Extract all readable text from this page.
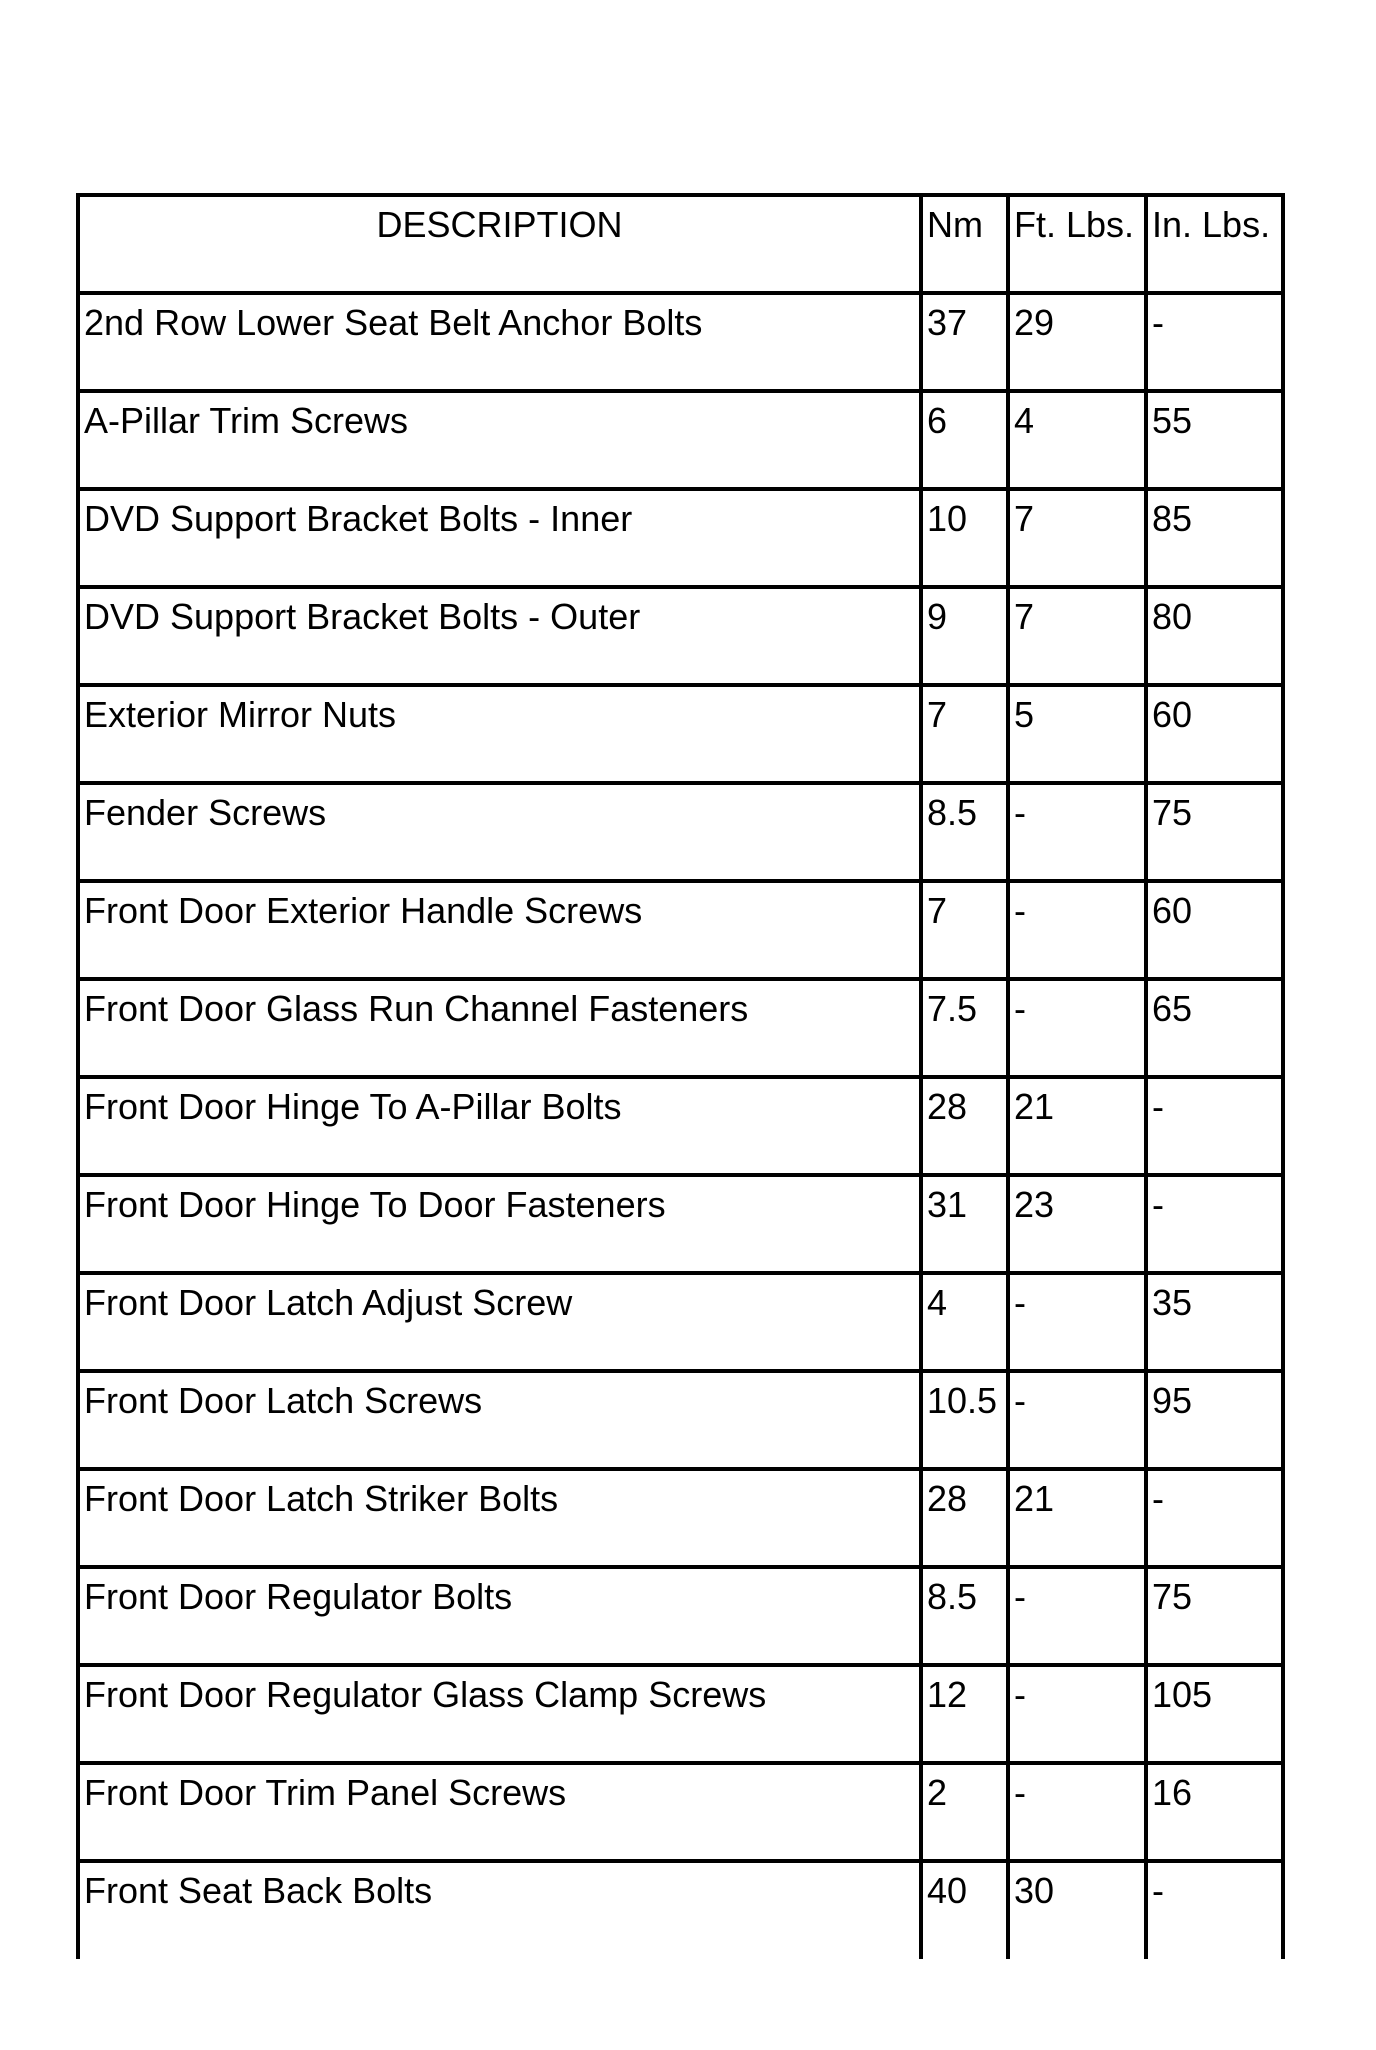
DESCRIPTION	Nm	Ft. Lbs.	In. Lbs.
2nd Row Lower Seat Belt Anchor Bolts	37	29	-
A-Pillar Trim Screws	6	4	55
DVD Support Bracket Bolts - Inner	10	7	85
DVD Support Bracket Bolts - Outer	9	7	80
Exterior Mirror Nuts	7	5	60
Fender Screws	8.5	-	75
Front Door Exterior Handle Screws	7	-	60
Front Door Glass Run Channel Fasteners	7.5	-	65
Front Door Hinge To A-Pillar Bolts	28	21	-
Front Door Hinge To Door Fasteners	31	23	-
Front Door Latch Adjust Screw	4	-	35
Front Door Latch Screws	10.5	-	95
Front Door Latch Striker Bolts	28	21	-
Front Door Regulator Bolts	8.5	-	75
Front Door Regulator Glass Clamp Screws	12	-	105
Front Door Trim Panel Screws	2	-	16
Front Seat Back Bolts	40	30	-
